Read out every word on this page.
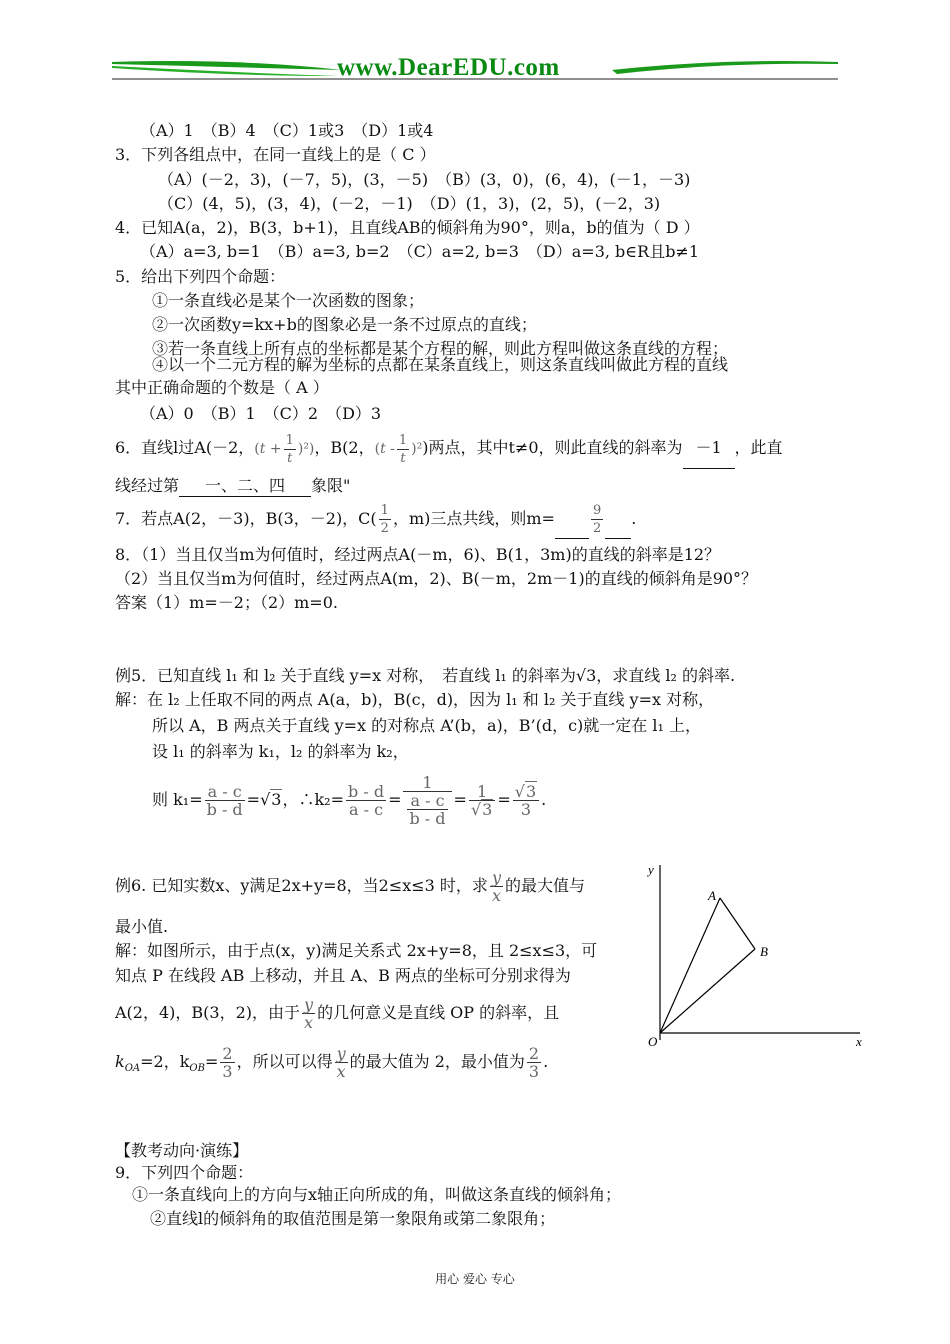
www.DearEDU.com
（A）1　（B）4　（C）1或3　（D）1或4
3．下列各组点中，在同一直线上的是（ C ）
（A）(－2，3)，(－7，5)，(3，－5)　（B）(3，0)，(6，4)，(－1，－3)
（C）(4，5)，(3，4)，(－2，－1)　（D）(1，3)，(2，5)，(－2，3)
4．已知A(a，2)，B(3，b+1)，且直线AB的倾斜角为90°，则a，b的值为（ D ）
（A）a=3, b=1　（B）a=3, b=2　（C）a=2, b=3　（D）a=3, b∈R且b≠1
5．给出下列四个命题：
①一条直线必是某个一次函数的图象；
②一次函数y=kx+b的图象必是一条不过原点的直线；
③若一条直线上所有点的坐标都是某个方程的解，则此方程叫做这条直线的方程；
④以一个二元方程的解为坐标的点都在某条直线上，则这条直线叫做此方程的直线
其中正确命题的个数是（ A ）
（A）0　（B）1　（C）2　（D）3
6．直线l过A(－2，$(t + \frac{1}{t} )^2$)，B(2，$(t - \frac{1}{t} )^2$)两点，其中t≠0，则此直线的斜率为 －1 ，此直
线经过第 一、二、四 象限"
7．若点A(2，－3)，B(3，－2)，$C( \frac{1}{2}$ ，m)三点共线，则m=	$\frac{9}{2}$ .
8．（1）当且仅当m为何值时，经过两点A(－m，6)、B(1，3m)的直线的斜率是12？
（2）当且仅当m为何值时，经过两点A(m，2)、B(－m，2m－1)的直线的倾斜角是90°？
答案（1）m=－2；（2）m=0.
例5．已知直线 l₁ 和 l₂ 关于直线 y=x 对称，　若直线 l₁ 的斜率为√3，求直线 l₂ 的斜率.
解：在 l₂ 上任取不同的两点 A(a，b)，B(c，d)，因为 l₁ 和 l₂ 关于直线 y=x 对称，
所以 A，B 两点关于直线 y=x 的对称点 A’(b，a)，B’(d，c)就一定在 l₁ 上，
设 l₁ 的斜率为 k₁，l₂ 的斜率为 k₂，
则 $k_1= \frac{a - c}{b - d} =√3$，∴k₂= $\frac{b - d}{a - c} = \frac{1}{\frac{a - c}{b - d}} = \frac{1}{√3} = \frac{√3}{3}$ .
例6. 已知实数x、y满足2x+y=8，当2≤x≤3 时，求 $\frac{y}{x}$ 的最大值与
最小值.
解：如图所示，由于点(x，y)满足关系式 2x+y=8，且 2≤x≤3，可
知点 P 在线段 AB 上移动，并且 A、B 两点的坐标可分别求得为
A(2，4)，B(3，2)，由于 $\frac{y}{x}$ 的几何意义是直线 OP 的斜率，且
$k_{OA}=2$，$k_{OB}= \frac{2}{3}$ ，所以可以得 $\frac{y}{x}$ 的最大值为 2，最小值为 $\frac{2}{3}$ .
y
x
O
A
B
【教考动向·演练】
9．下列四个命题：
①一条直线向上的方向与x轴正向所成的角，叫做这条直线的倾斜角；
②直线l的倾斜角的取值范围是第一象限角或第二象限角；
用心 爱心 专心
